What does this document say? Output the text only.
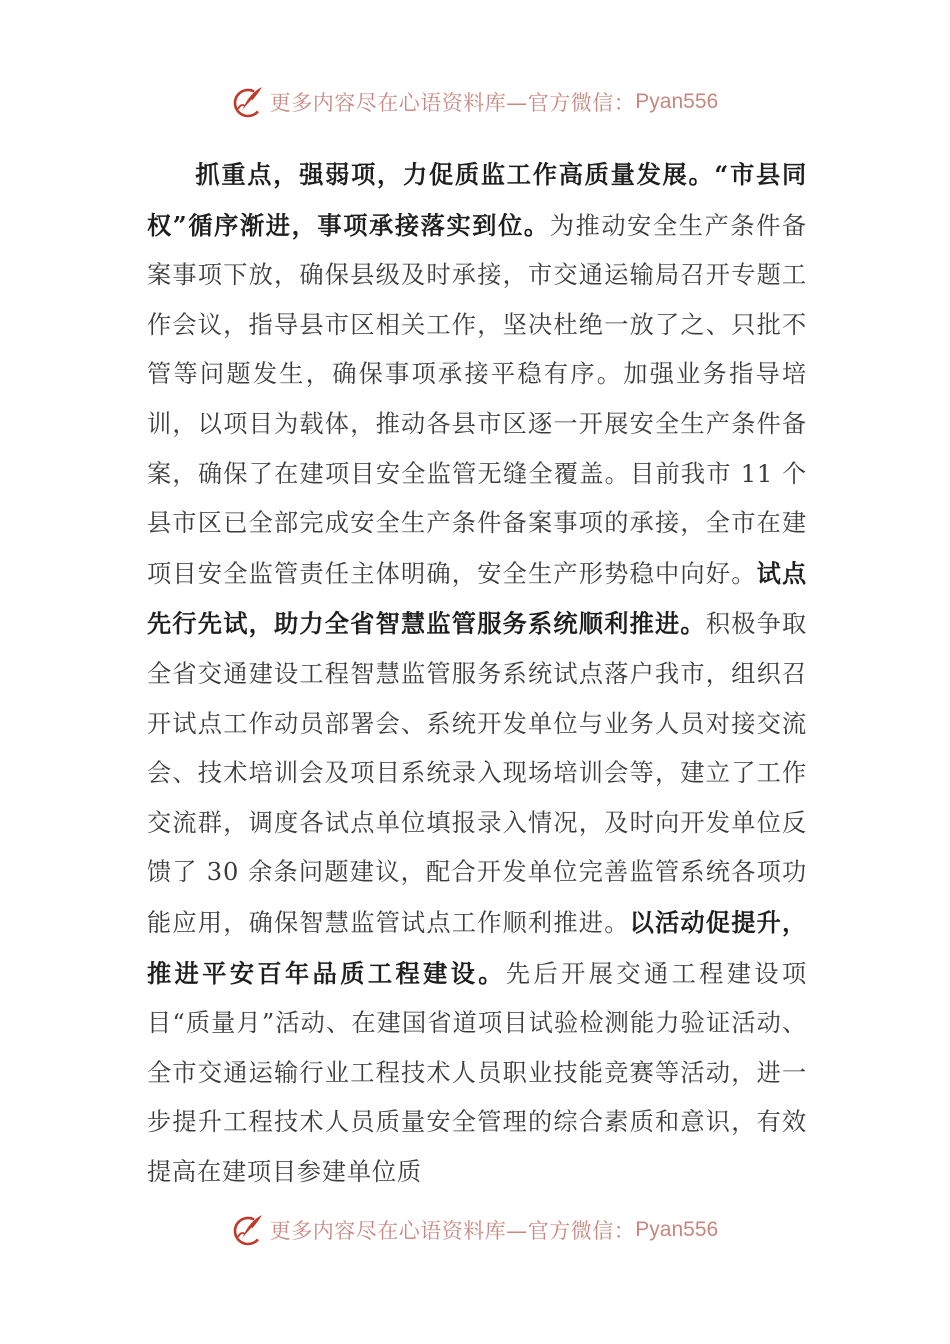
更多内容尽在心语资料库—官方微信： Pyan556
抓重点，强弱项，力促质监工作高质量发展。“市县同权”循序渐进，事项承接落实到位。为推动安全生产条件备案事项下放，确保县级及时承接，市交通运输局召开专题工作会议，指导县市区相关工作，坚决杜绝一放了之、只批不管等问题发生，确保事项承接平稳有序。加强业务指导培训，以项目为载体，推动各县市区逐一开展安全生产条件备案，确保了在建项目安全监管无缝全覆盖。目前我市 11 个县市区已全部完成安全生产条件备案事项的承接，全市在建项目安全监管责任主体明确，安全生产形势稳中向好。试点先行先试，助力全省智慧监管服务系统顺利推进。积极争取全省交通建设工程智慧监管服务系统试点落户我市，组织召开试点工作动员部署会、系统开发单位与业务人员对接交流会、技术培训会及项目系统录入现场培训会等，建立了工作交流群，调度各试点单位填报录入情况，及时向开发单位反馈了 30 余条问题建议，配合开发单位完善监管系统各项功能应用，确保智慧监管试点工作顺利推进。以活动促提升，推进平安百年品质工程建设。先后开展交通工程建设项目“质量月”活动、在建国省道项目试验检测能力验证活动、全市交通运输行业工程技术人员职业技能竞赛等活动，进一步提升工程技术人员质量安全管理的综合素质和意识，有效提高在建项目参建单位质
更多内容尽在心语资料库—官方微信： Pyan556
